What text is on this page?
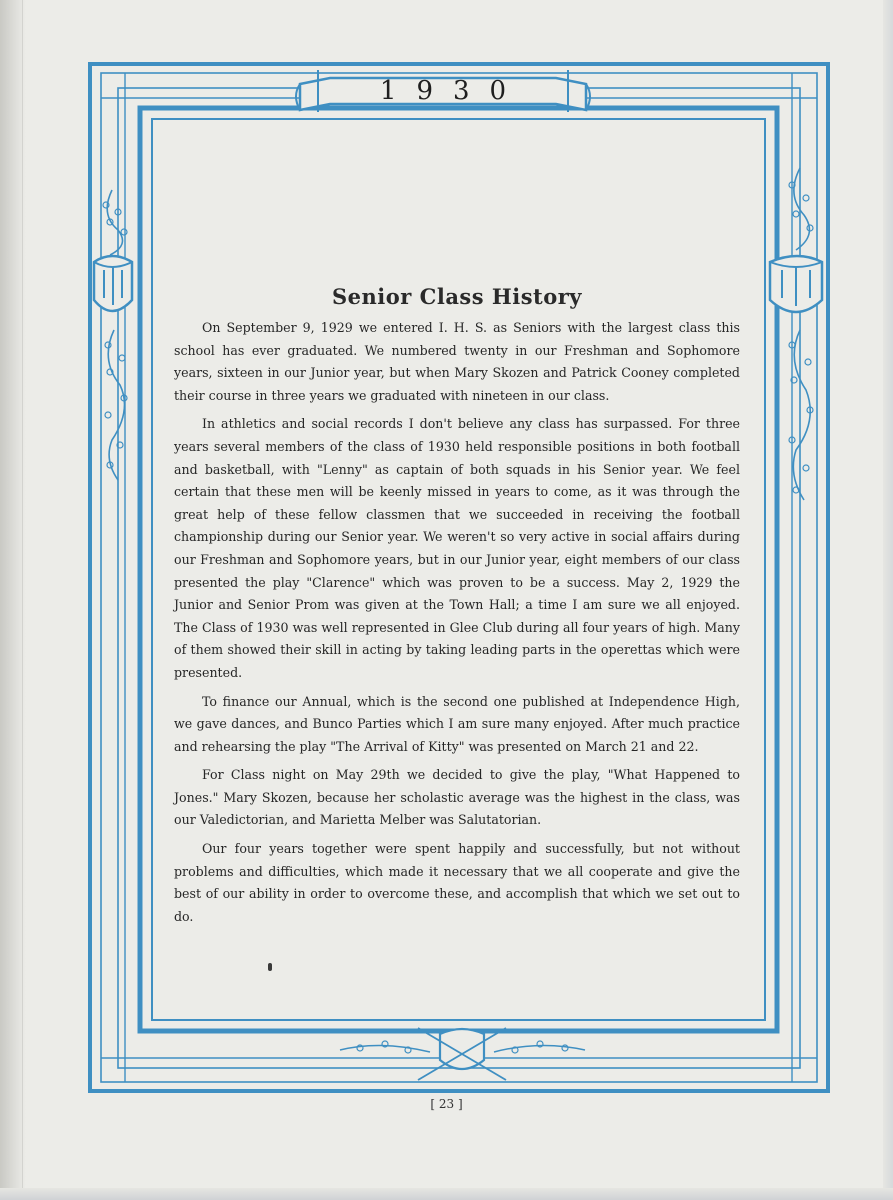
1930
Senior Class History

On September 9, 1929 we entered I. H. S. as Seniors with the largest class this school has ever graduated. We numbered twenty in our Freshman and Sophomore years, sixteen in our Junior year, but when Mary Skozen and Patrick Cooney completed their course in three years we graduated with nineteen in our class.

In athletics and social records I don't believe any class has surpassed. For three years several members of the class of 1930 held responsible positions in both football and basketball, with "Lenny" as captain of both squads in his Senior year. We feel certain that these men will be keenly missed in years to come, as it was through the great help of these fellow classmen that we succeeded in receiving the football championship during our Senior year. We weren't so very active in social affairs during our Freshman and Sophomore years, but in our Junior year, eight members of our class presented the play "Clarence" which was proven to be a success. May 2, 1929 the Junior and Senior Prom was given at the Town Hall; a time I am sure we all enjoyed. The Class of 1930 was well represented in Glee Club during all four years of high. Many of them showed their skill in acting by taking leading parts in the operettas which were presented.

To finance our Annual, which is the second one published at Independence High, we gave dances, and Bunco Parties which I am sure many enjoyed. After much practice and rehearsing the play "The Arrival of Kitty" was presented on March 21 and 22.

For Class night on May 29th we decided to give the play, "What Happened to Jones." Mary Skozen, because her scholastic average was the highest in the class, was our Valedictorian, and Marietta Melber was Salutatorian.

Our four years together were spent happily and successfully, but not without problems and difficulties, which made it necessary that we all cooperate and give the best of our ability in order to overcome these, and accomplish that which we set out to do.

[ 23 ]
